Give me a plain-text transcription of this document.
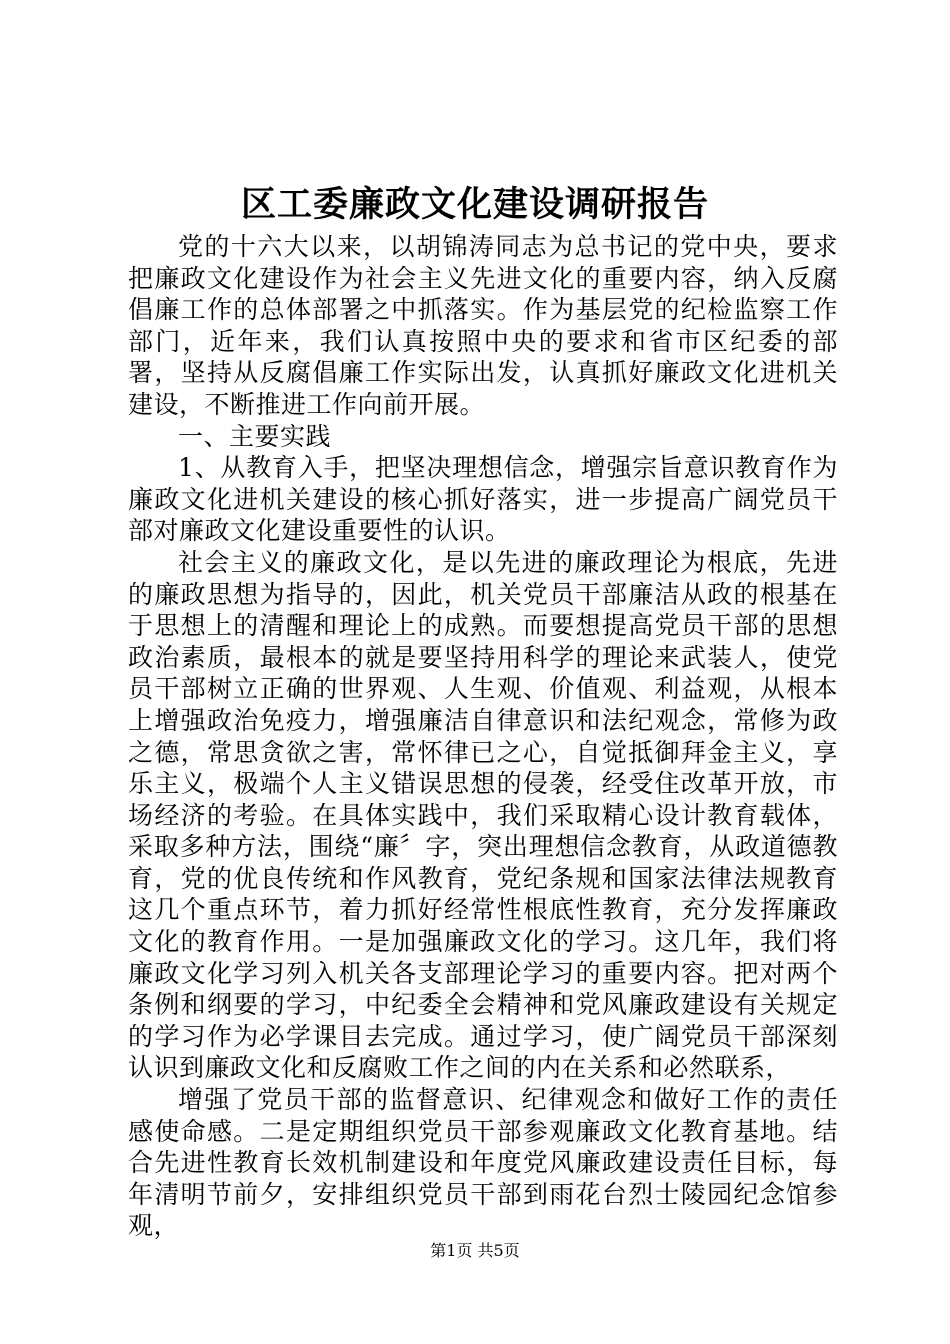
区工委廉政文化建设调研报告

党的十六大以来，以胡锦涛同志为总书记的党中央，要求把廉政文化建设作为社会主义先进文化的重要内容，纳入反腐倡廉工作的总体部署之中抓落实。作为基层党的纪检监察工作部门，近年来，我们认真按照中央的要求和省市区纪委的部署，坚持从反腐倡廉工作实际出发，认真抓好廉政文化进机关建设，不断推进工作向前开展。

一、主要实践

1、从教育入手，把坚决理想信念，增强宗旨意识教育作为廉政文化进机关建设的核心抓好落实，进一步提高广阔党员干部对廉政文化建设重要性的认识。

社会主义的廉政文化，是以先进的廉政理论为根底，先进的廉政思想为指导的，因此，机关党员干部廉洁从政的根基在于思想上的清醒和理论上的成熟。而要想提高党员干部的思想政治素质，最根本的就是要坚持用科学的理论来武装人，使党员干部树立正确的世界观、人生观、价值观、利益观，从根本上增强政治免疫力，增强廉洁自律意识和法纪观念，常修为政之德，常思贪欲之害，常怀律已之心，自觉抵御拜金主义，享乐主义，极端个人主义错误思想的侵袭，经受住改革开放，市场经济的考验。在具体实践中，我们采取精心设计教育载体，采取多种方法，围绕“廉〞字，突出理想信念教育，从政道德教育，党的优良传统和作风教育，党纪条规和国家法律法规教育这几个重点环节，着力抓好经常性根底性教育，充分发挥廉政文化的教育作用。一是加强廉政文化的学习。这几年，我们将廉政文化学习列入机关各支部理论学习的重要内容。把对两个条例和纲要的学习，中纪委全会精神和党风廉政建设有关规定的学习作为必学课目去完成。通过学习，使广阔党员干部深刻认识到廉政文化和反腐败工作之间的内在关系和必然联系，

增强了党员干部的监督意识、纪律观念和做好工作的责任感使命感。二是定期组织党员干部参观廉政文化教育基地。结合先进性教育长效机制建设和年度党风廉政建设责任目标，每年清明节前夕，安排组织党员干部到雨花台烈士陵园纪念馆参观，

第1页 共5页
